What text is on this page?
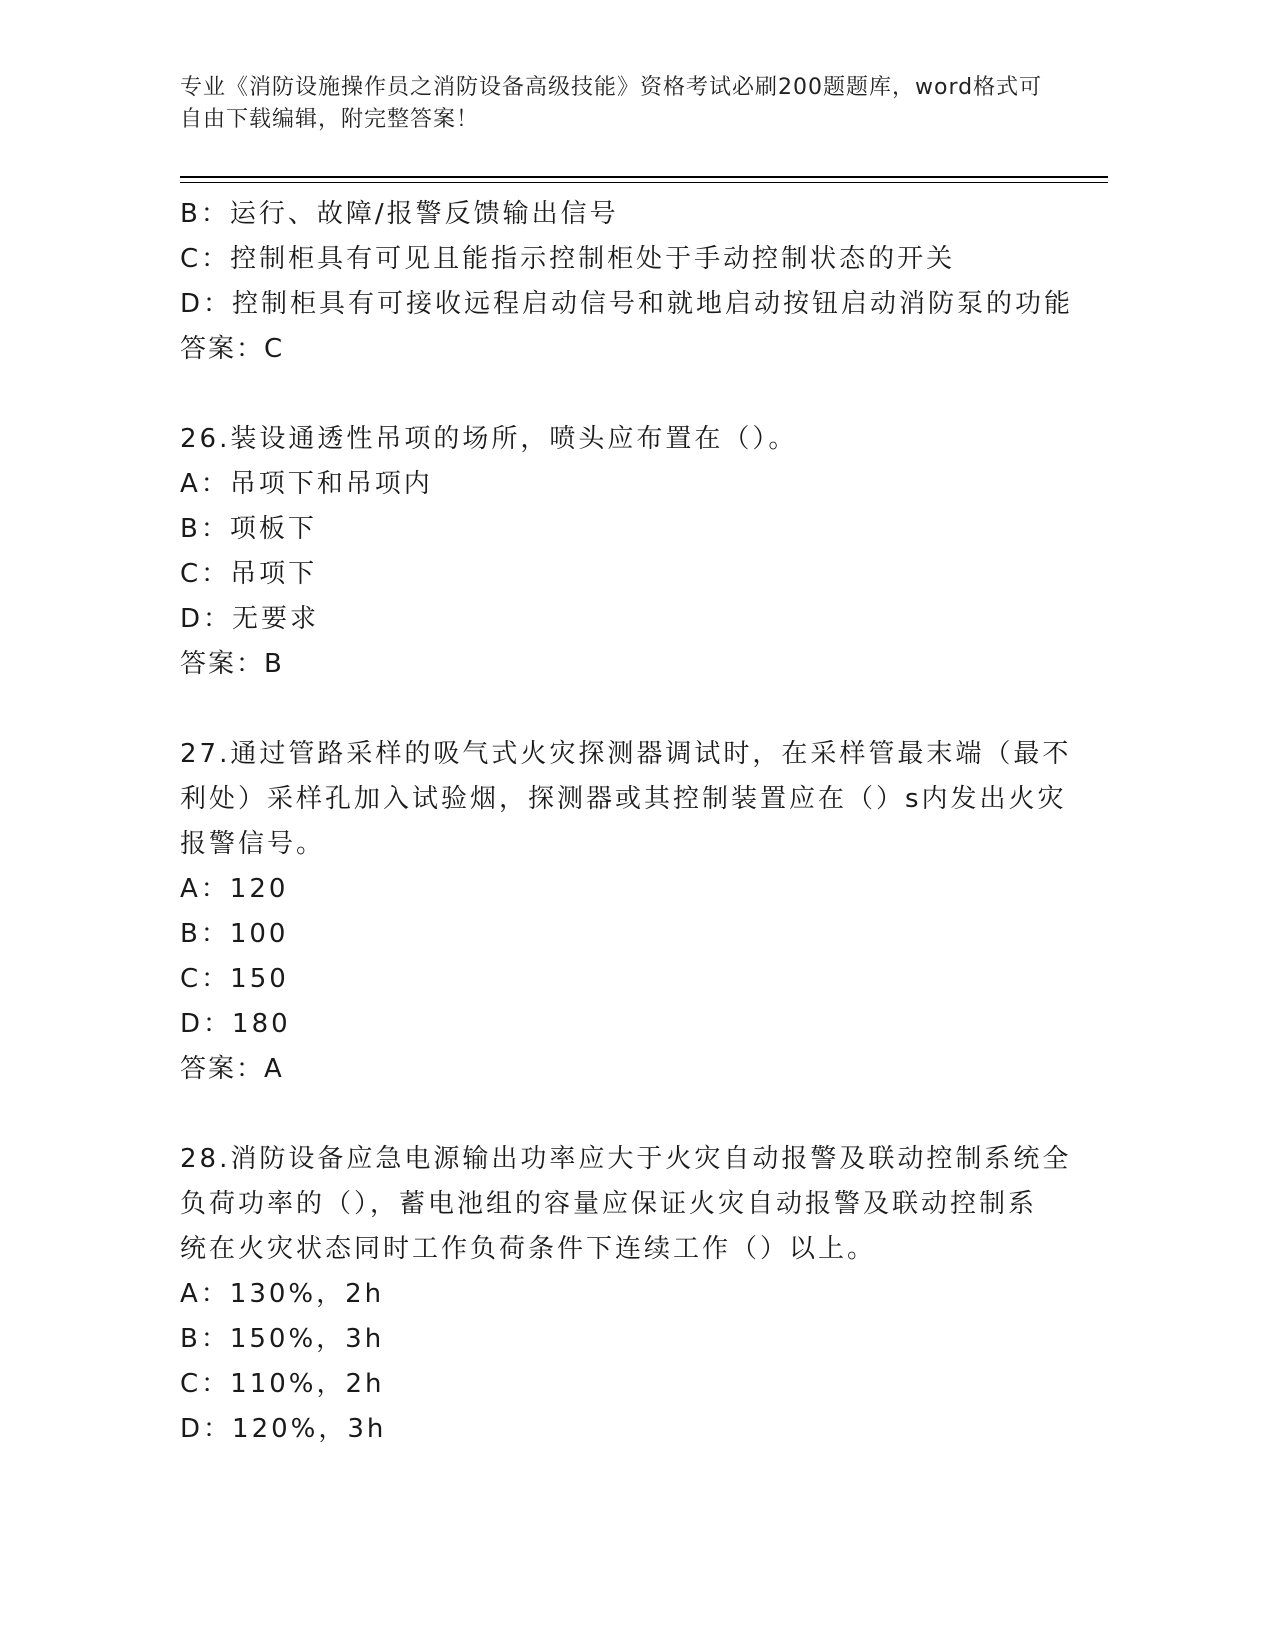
专业《消防设施操作员之消防设备高级技能》资格考试必刷200题题库，word格式可自由下载编辑，附完整答案！
B：运行、故障/报警反馈输出信号
C：控制柜具有可见且能指示控制柜处于手动控制状态的开关
D：控制柜具有可接收远程启动信号和就地启动按钮启动消防泵的功能
答案：C
26.装设通透性吊项的场所，喷头应布置在（）。
A：吊项下和吊项内
B：项板下
C：吊项下
D：无要求
答案：B
27.通过管路采样的吸气式火灾探测器调试时，在采样管最末端（最不
利处）采样孔加入试验烟，探测器或其控制装置应在（）s内发出火灾
报警信号。
A：120
B：100
C：150
D：180
答案：A
28.消防设备应急电源输出功率应大于火灾自动报警及联动控制系统全
负荷功率的（），蓄电池组的容量应保证火灾自动报警及联动控制系
统在火灾状态同时工作负荷条件下连续工作（）以上。
A：130%，2h
B：150%，3h
C：110%，2h
D：120%，3h
